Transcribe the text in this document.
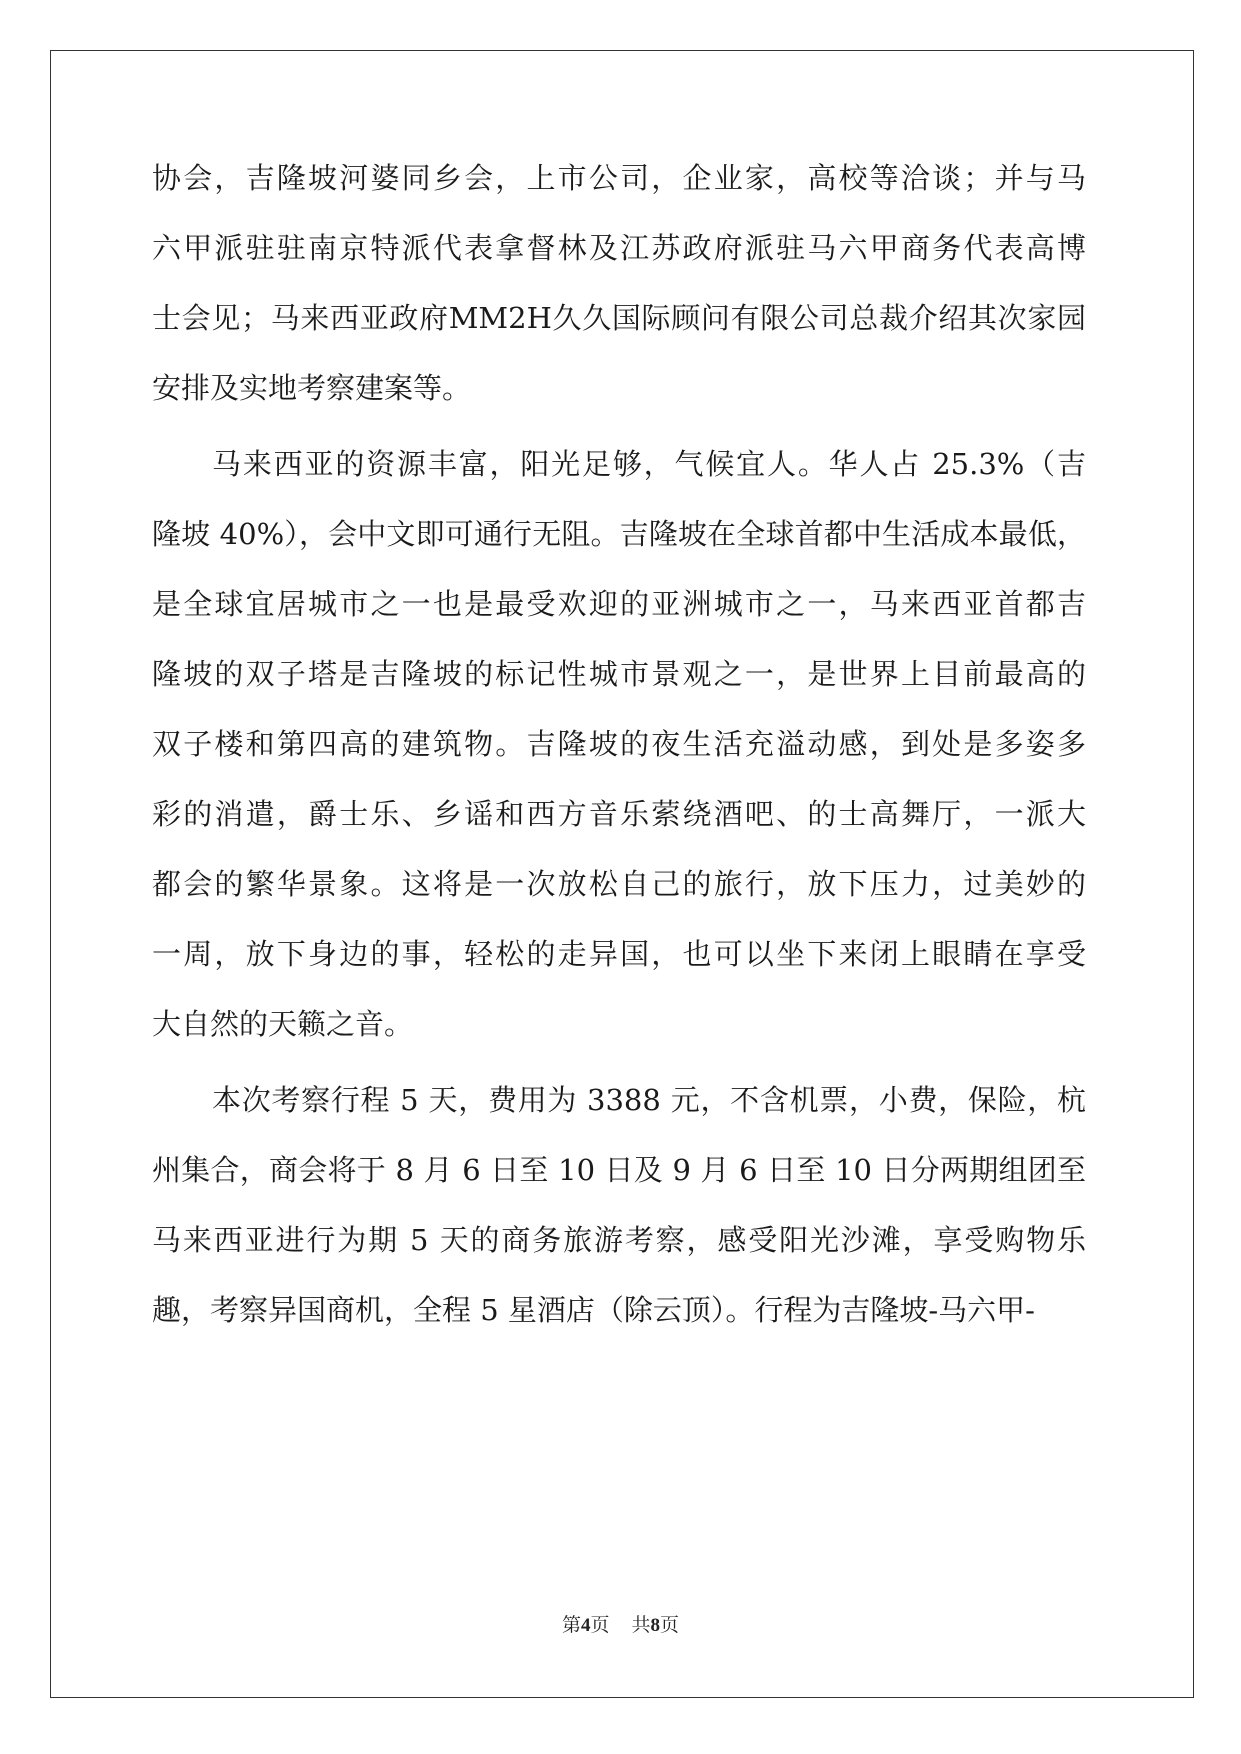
协会，吉隆坡河婆同乡会，上市公司，企业家，高校等洽谈；并与马
六甲派驻驻南京特派代表拿督林及江苏政府派驻马六甲商务代表高博
士会见；马来西亚政府MM2H久久国际顾问有限公司总裁介绍其次家园
安排及实地考察建案等。
马来西亚的资源丰富，阳光足够，气候宜人。华人占 25.3%（吉
隆坡 40%），会中文即可通行无阻。吉隆坡在全球首都中生活成本最低，
是全球宜居城市之一也是最受欢迎的亚洲城市之一，马来西亚首都吉
隆坡的双子塔是吉隆坡的标记性城市景观之一，是世界上目前最高的
双子楼和第四高的建筑物。吉隆坡的夜生活充溢动感，到处是多姿多
彩的消遣，爵士乐、乡谣和西方音乐萦绕酒吧、的士高舞厅，一派大
都会的繁华景象。这将是一次放松自己的旅行，放下压力，过美妙的
一周，放下身边的事，轻松的走异国，也可以坐下来闭上眼睛在享受
大自然的天籁之音。
本次考察行程 5 天，费用为 3388 元，不含机票，小费，保险，杭
州集合，商会将于 8 月 6 日至 10 日及 9 月 6 日至 10 日分两期组团至
马来西亚进行为期 5 天的商务旅游考察，感受阳光沙滩，享受购物乐
趣，考察异国商机，全程 5 星酒店（除云顶）。行程为吉隆坡-马六甲-
第4页 共8页
